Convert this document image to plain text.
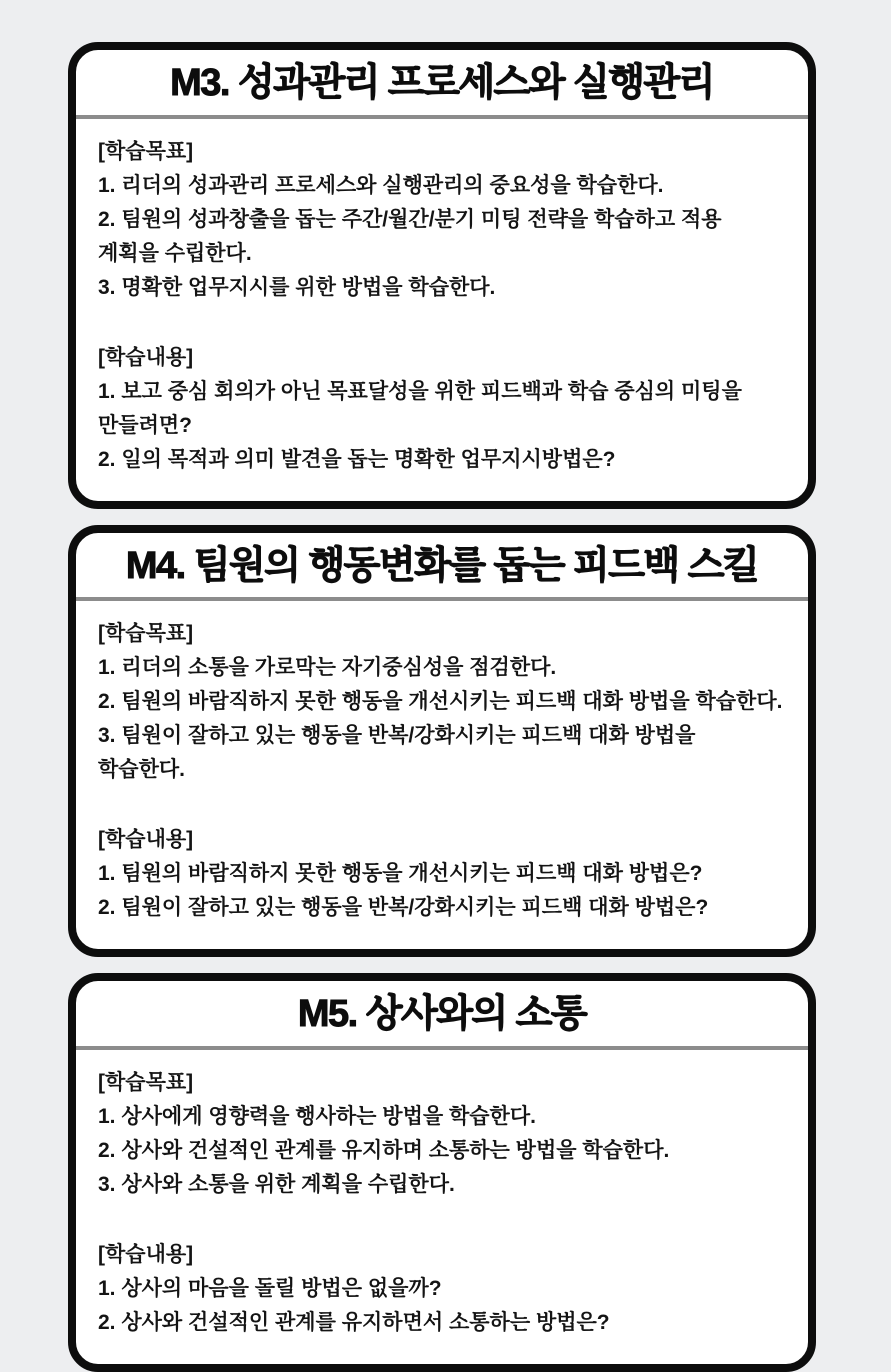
M3. 성과관리 프로세스와 실행관리
[학습목표]
1. 리더의 성과관리 프로세스와 실행관리의 중요성을 학습한다.
2. 팀원의 성과창출을 돕는 주간/월간/분기 미팅 전략을 학습하고 적용 계획을 수립한다.
3. 명확한 업무지시를 위한 방법을 학습한다.
[학습내용]
1. 보고 중심 회의가 아닌 목표달성을 위한 피드백과 학습 중심의 미팅을 만들려면?
2. 일의 목적과 의미 발견을 돕는 명확한 업무지시방법은?
M4. 팀원의 행동변화를 돕는 피드백 스킬
[학습목표]
1. 리더의 소통을 가로막는 자기중심성을 점검한다.
2. 팀원의 바람직하지 못한 행동을 개선시키는 피드백 대화 방법을 학습한다.
3. 팀원이 잘하고 있는 행동을 반복/강화시키는 피드백 대화 방법을 학습한다.
[학습내용]
1. 팀원의 바람직하지 못한 행동을 개선시키는 피드백 대화 방법은?
2. 팀원이 잘하고 있는 행동을 반복/강화시키는 피드백 대화 방법은?
M5. 상사와의 소통
[학습목표]
1. 상사에게 영향력을 행사하는 방법을 학습한다.
2. 상사와 건설적인 관계를 유지하며 소통하는 방법을 학습한다.
3. 상사와 소통을 위한 계획을 수립한다.
[학습내용]
1. 상사의 마음을 돌릴 방법은 없을까?
2. 상사와 건설적인 관계를 유지하면서 소통하는 방법은?
